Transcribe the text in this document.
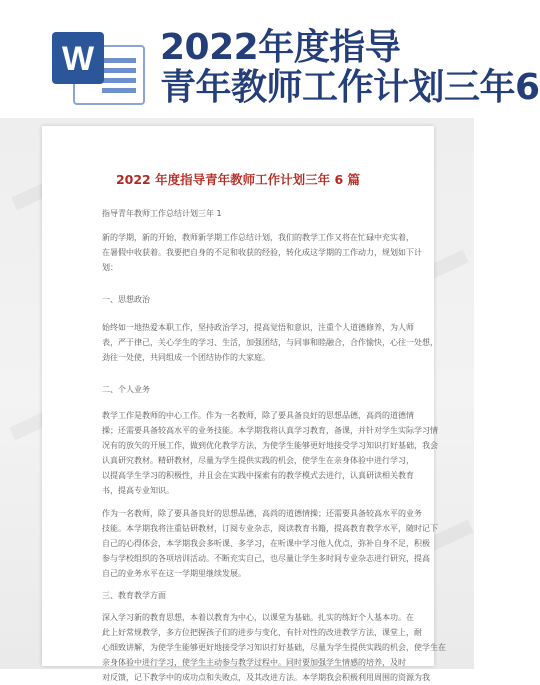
W 2022年度指导
青年教师工作计划三年6
2022 年度指导青年教师工作计划三年 6 篇
指导青年教师工作总结计划三年 1
新的学期，新的开始，教师新学期工作总结计划，我们的教学工作又将在忙碌中充实着，
在暑假中收获着。我要把自身的不足和收获的经验，转化成这学期的工作动力，规划如下计
划：
一、思想政治
始终如一地热爱本职工作，坚持政治学习，提高觉悟和意识，注重个人道德修养，为人师
表，严于律己，关心学生的学习、生活，加强团结，与同事和睦融合，合作愉快，心往一处想，
劲往一处使，共同组成一个团结协作的大家庭。
二、个人业务
教学工作是教师的中心工作。作为一名教师，除了要具备良好的思想品德，高尚的道德情
操；还需要具备较高水平的业务技能。本学期我将认真学习教育，备课，并针对学生实际学习情
况有的放矢的开展工作，做到优化教学方法，为使学生能够更好地接受学习知识打好基础，我会
认真研究教材。精研教材，尽量为学生提供实践的机会，使学生在亲身体验中进行学习，
以提高学生学习的积极性，并且会在实践中探索有的教学模式去进行，认真研读相关教育
书，提高专业知识。
作为一名教师，除了要具备良好的思想品德，高尚的道德情操；还需要具备较高水平的业务
技能。本学期我将注重钻研教材，订阅专业杂志，阅读教育书籍，提高教育教学水平，随时记下
自己的心得体会，本学期我会多听课、多学习，在听课中学习他人优点，弥补自身不足，积极
参与学校组织的各项培训活动。不断充实自己，也尽量让学生多时间专业杂志进行研究，提高
自己的业务水平在这一学期里继续发展。
三、教育教学方面
深入学习新的教育思想，本着以教育为中心，以课堂为基础。扎实的练好个人基本功。在
此上好常规教学，多方位把握孩子们的进步与变化，有针对性的改进教学方法，课堂上，耐
心细致讲解，为使学生能够更好地接受学习知识打好基础，尽量为学生提供实践的机会，使学生在
亲身体验中进行学习，使学生主动参与教学过程中。同时要加强学生情感的培养，及时
对反馈，记下教学中的成功点和失败点，及其改进方法。本学期我会积极利用周围的资源为我
